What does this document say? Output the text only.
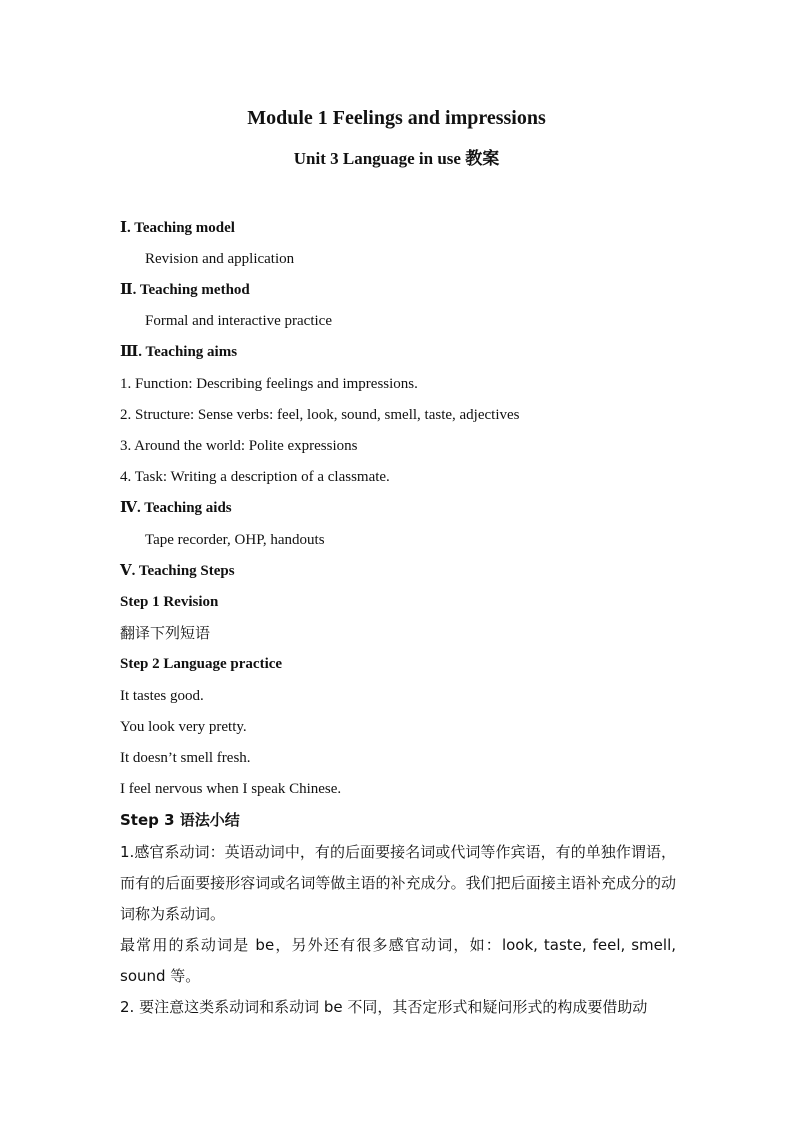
Module 1 Feelings and impressions
Unit 3 Language in use 教案
Ⅰ. Teaching model
Revision and application
Ⅱ. Teaching method
Formal and interactive practice
Ⅲ. Teaching aims
1. Function: Describing feelings and impressions.
2. Structure: Sense verbs: feel, look, sound, smell, taste, adjectives
3. Around the world: Polite expressions
4. Task: Writing a description of a classmate.
Ⅳ. Teaching aids
Tape recorder, OHP, handouts
Ⅴ. Teaching Steps
Step 1 Revision
翻译下列短语
Step 2 Language practice
It tastes good.
You look very pretty.
It doesn’t smell fresh.
I feel nervous when I speak Chinese.
Step 3 语法小结
1.感官系动词：英语动词中，有的后面要接名词或代词等作宾语，有的单独作谓语，而有的后面要接形容词或名词等做主语的补充成分。我们把后面接主语补充成分的动词称为系动词。
最常用的系动词是 be，另外还有很多感官动词，如：look, taste, feel, smell, sound 等。
2. 要注意这类系动词和系动词 be 不同，其否定形式和疑问形式的构成要借助动
